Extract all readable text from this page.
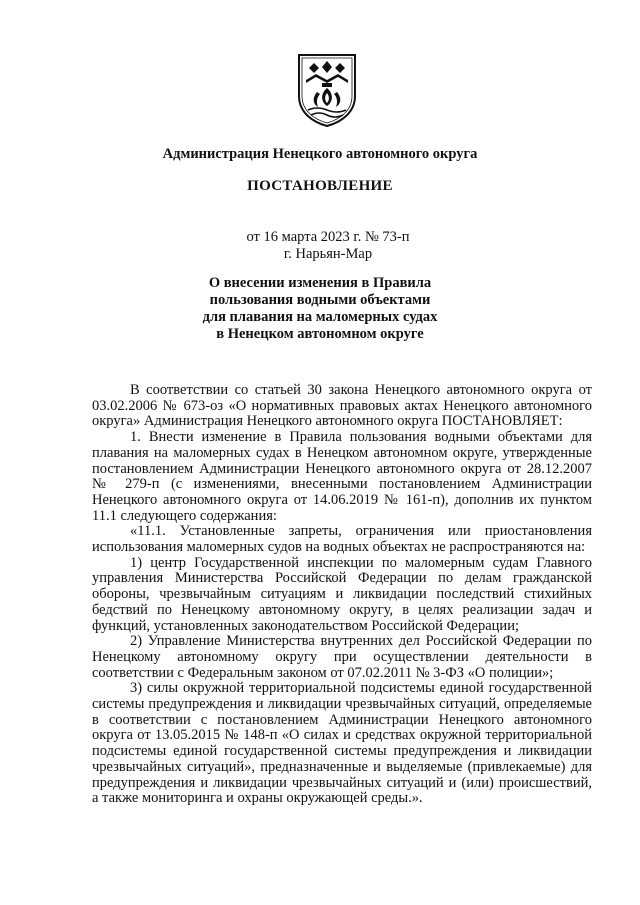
Администрация Ненецкого автономного округа
ПОСТАНОВЛЕНИЕ
от 16 марта 2023 г. № 73-п
г. Нарьян-Мар
О внесении изменения в Правила
пользования водными объектами
для плавания на маломерных судах
в Ненецком автономном округе

В соответствии со статьей 30 закона Ненецкого автономного округа от 03.02.2006 № 673-оз «О нормативных правовых актах Ненецкого автономного округа» Администрация Ненецкого автономного округа ПОСТАНОВЛЯЕТ:

1. Внести изменение в Правила пользования водными объектами для плавания на маломерных судах в Ненецком автономном округе, утвержденные постановлением Администрации Ненецкого автономного округа от 28.12.2007 № 279-п (с изменениями, внесенными постановлением Администрации Ненецкого автономного округа от 14.06.2019 № 161-п), дополнив их пунктом 11.1 следующего содержания:

«11.1. Установленные запреты, ограничения или приостановления использования маломерных судов на водных объектах не распространяются на:

1) центр Государственной инспекции по маломерным судам Главного управления Министерства Российской Федерации по делам гражданской обороны, чрезвычайным ситуациям и ликвидации последствий стихийных бедствий по Ненецкому автономному округу, в целях реализации задач и функций, установленных законодательством Российской Федерации;

2) Управление Министерства внутренних дел Российской Федерации по Ненецкому автономному округу при осуществлении деятельности в соответствии с Федеральным законом от 07.02.2011 № 3-ФЗ «О полиции»;

3) силы окружной территориальной подсистемы единой государственной системы предупреждения и ликвидации чрезвычайных ситуаций, определяемые в соответствии с постановлением Администрации Ненецкого автономного округа от 13.05.2015 № 148-п «О силах и средствах окружной территориальной подсистемы единой государственной системы предупреждения и ликвидации чрезвычайных ситуаций», предназначенные и выделяемые (привлекаемые) для предупреждения и ликвидации чрезвычайных ситуаций и (или) происшествий, а также мониторинга и охраны окружающей среды.».
